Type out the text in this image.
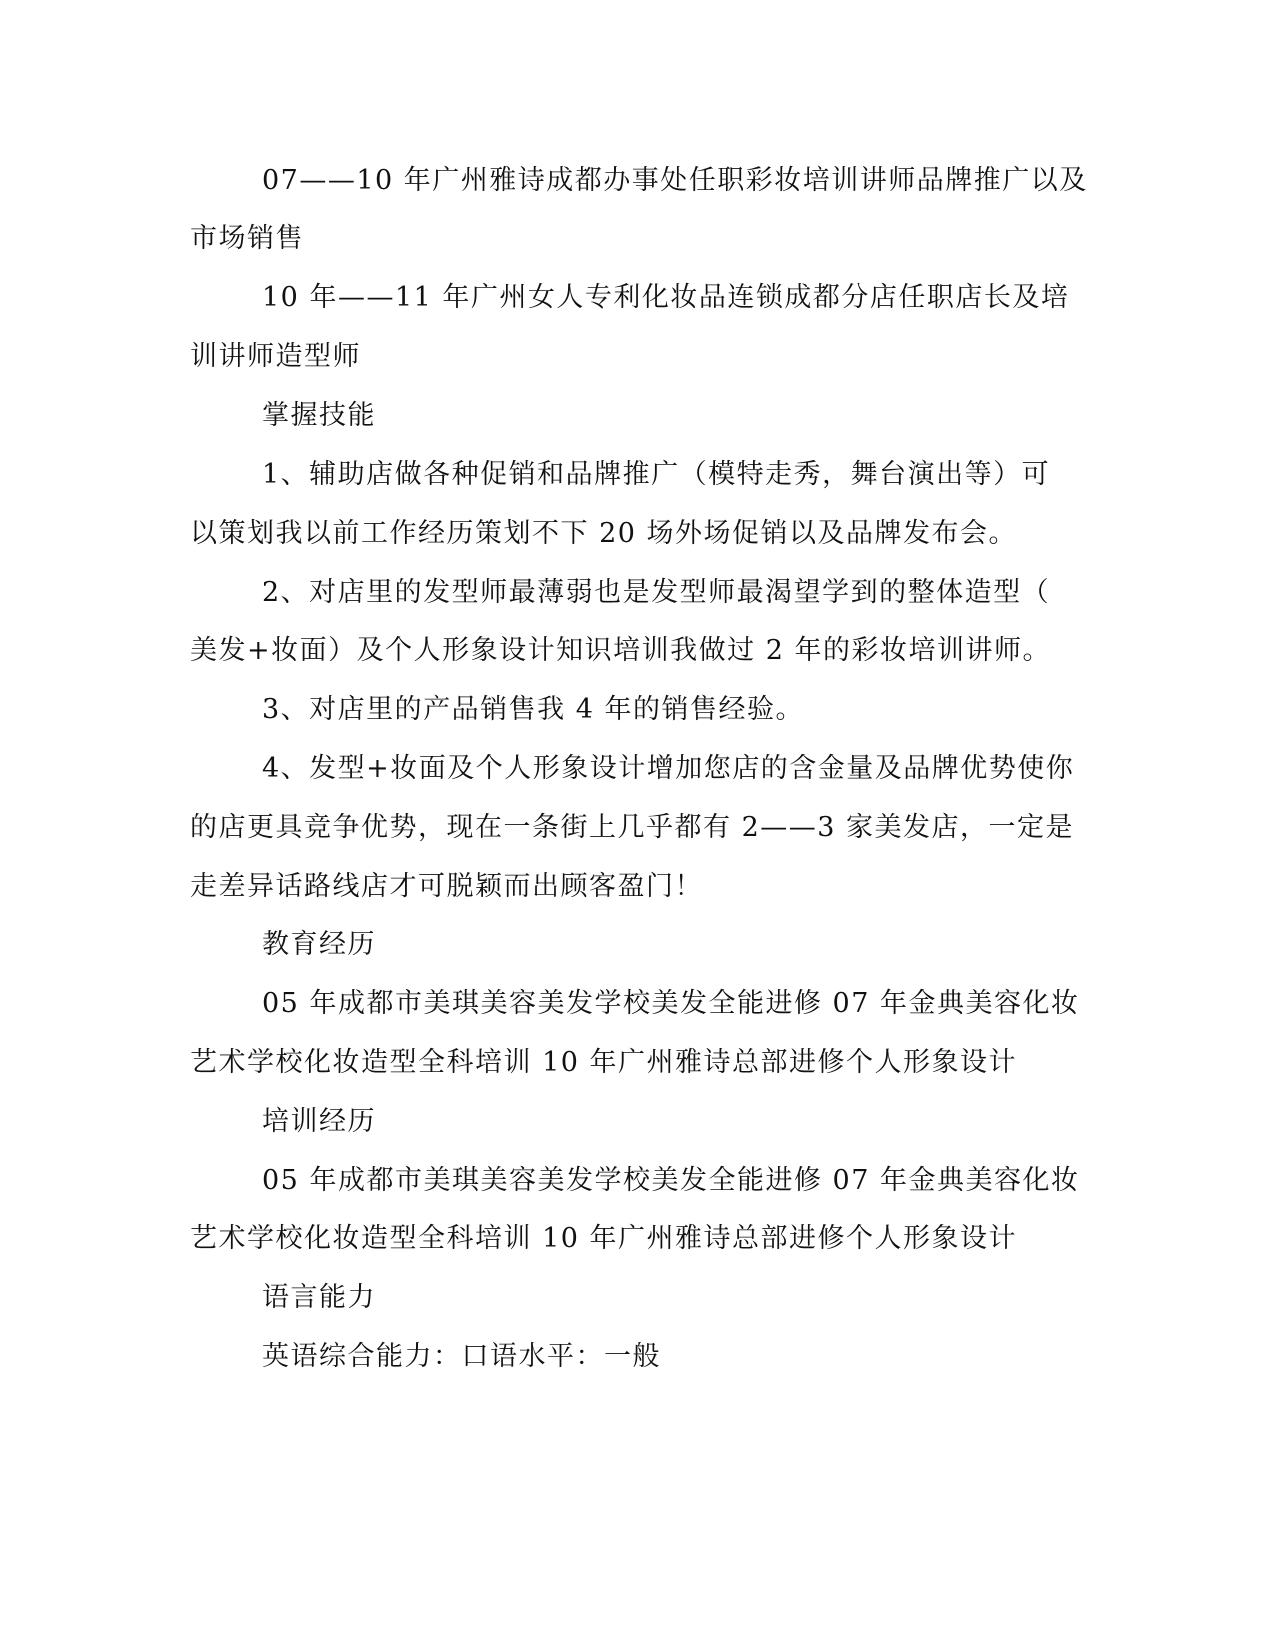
07——10 年广州雅诗成都办事处任职彩妆培训讲师品牌推广以及
市场销售
10 年——11 年广州女人专利化妆品连锁成都分店任职店长及培
训讲师造型师
掌握技能
1、辅助店做各种促销和品牌推广（模特走秀，舞台演出等）可
以策划我以前工作经历策划不下 20 场外场促销以及品牌发布会。
2、对店里的发型师最薄弱也是发型师最渴望学到的整体造型（
美发+妆面）及个人形象设计知识培训我做过 2 年的彩妆培训讲师。
3、对店里的产品销售我 4 年的销售经验。
4、发型+妆面及个人形象设计增加您店的含金量及品牌优势使你
的店更具竞争优势，现在一条街上几乎都有 2——3 家美发店，一定是
走差异话路线店才可脱颖而出顾客盈门！
教育经历
05 年成都市美琪美容美发学校美发全能进修 07 年金典美容化妆
艺术学校化妆造型全科培训 10 年广州雅诗总部进修个人形象设计
培训经历
05 年成都市美琪美容美发学校美发全能进修 07 年金典美容化妆
艺术学校化妆造型全科培训 10 年广州雅诗总部进修个人形象设计
语言能力
英语综合能力：口语水平：一般
